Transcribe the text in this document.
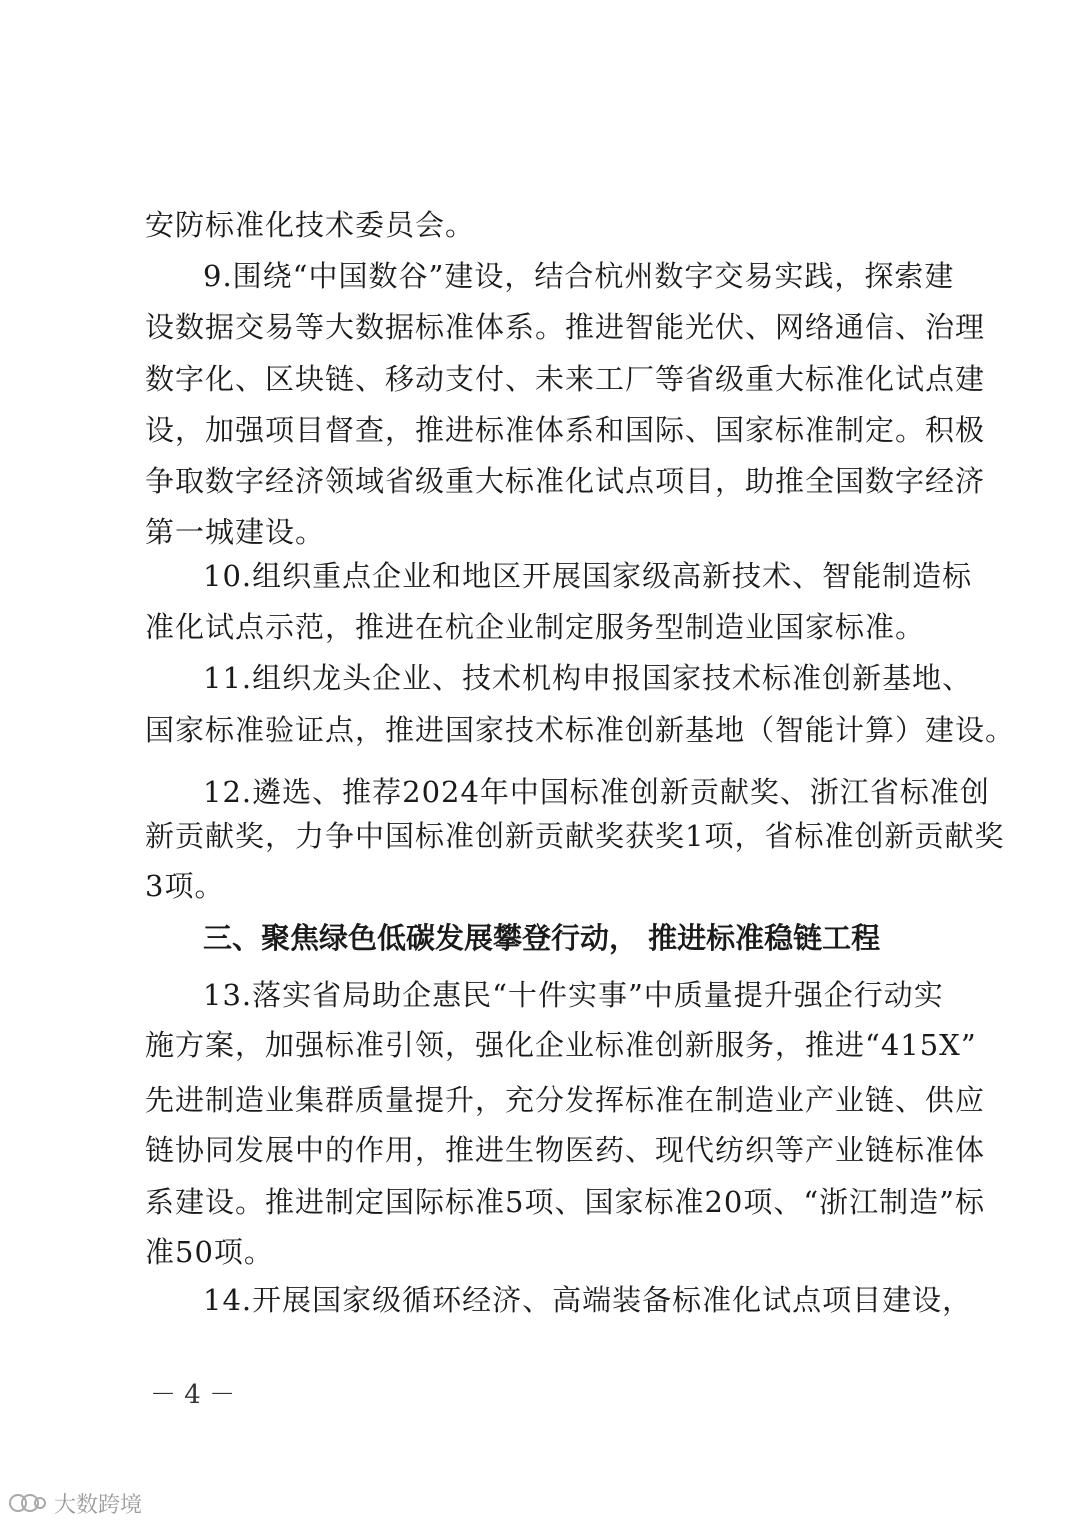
安防标准化技术委员会。
9.围绕“中国数谷”建设，结合杭州数字交易实践，探索建
设数据交易等大数据标准体系。推进智能光伏、网络通信、治理
数字化、区块链、移动支付、未来工厂等省级重大标准化试点建
设，加强项目督查，推进标准体系和国际、国家标准制定。积极
争取数字经济领域省级重大标准化试点项目，助推全国数字经济
第一城建设。
10.组织重点企业和地区开展国家级高新技术、智能制造标
准化试点示范，推进在杭企业制定服务型制造业国家标准。
11.组织龙头企业、技术机构申报国家技术标准创新基地、
国家标准验证点，推进国家技术标准创新基地（智能计算）建设。
12.遴选、推荐2024年中国标准创新贡献奖、浙江省标准创
新贡献奖，力争中国标准创新贡献奖获奖1项，省标准创新贡献奖
3项。
三、聚焦绿色低碳发展攀登行动， 推进标准稳链工程
13.落实省局助企惠民“十件实事”中质量提升强企行动实
施方案，加强标准引领，强化企业标准创新服务，推进“415X”
先进制造业集群质量提升，充分发挥标准在制造业产业链、供应
链协同发展中的作用，推进生物医药、现代纺织等产业链标准体
系建设。推进制定国际标准5项、国家标准20项、“浙江制造”标
准50项。
14.开展国家级循环经济、高端装备标准化试点项目建设，
－ 4 －
大数跨境
